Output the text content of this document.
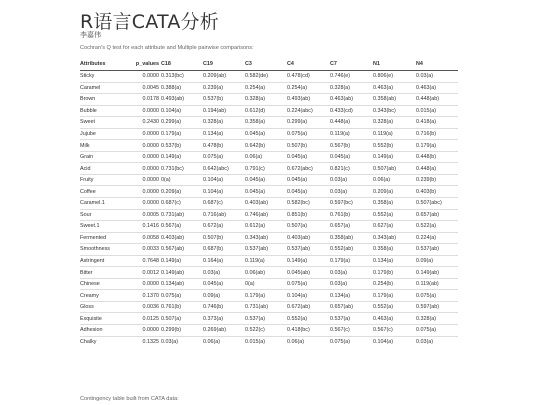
R语言CATA分析
李嘉伟
Cochran's Q test for each attribute and Multiple pairwise comparisons:
Attributes	p_values	C18	C19	C3	C4	C7	N1	N4
Sticky	0.0000	0.313(bc)	0.209(ab)	0.582(de)	0.478(cd)	0.746(e)	0.806(e)	0.03(a)
Caramel	0.0045	0.388(a)	0.239(a)	0.254(a)	0.254(a)	0.328(a)	0.463(a)	0.463(a)
Brown	0.0178	0.493(ab)	0.537(b)	0.328(a)	0.493(ab)	0.463(ab)	0.358(ab)	0.448(ab)
Bubble	0.0000	0.104(a)	0.194(ab)	0.612(d)	0.224(abc)	0.433(cd)	0.343(bc)	0.015(a)
Sweet	0.2430	0.299(a)	0.328(a)	0.358(a)	0.299(a)	0.448(a)	0.328(a)	0.418(a)
Jujube	0.0000	0.179(a)	0.134(a)	0.045(a)	0.075(a)	0.119(a)	0.119(a)	0.716(b)
Milk	0.0000	0.537(b)	0.478(b)	0.642(b)	0.507(b)	0.567(b)	0.552(b)	0.179(a)
Grain	0.0000	0.149(a)	0.075(a)	0.06(a)	0.045(a)	0.045(a)	0.149(a)	0.448(b)
Acid	0.0000	0.731(bc)	0.642(abc)	0.791(c)	0.672(abc)	0.821(c)	0.507(ab)	0.448(a)
Fruity	0.0000	0(a)	0.104(a)	0.045(a)	0.045(a)	0.03(a)	0.06(a)	0.239(b)
Coffee	0.0000	0.209(a)	0.104(a)	0.045(a)	0.045(a)	0.03(a)	0.209(a)	0.403(b)
Caramel.1	0.0000	0.687(c)	0.687(c)	0.403(ab)	0.582(bc)	0.597(bc)	0.358(a)	0.507(abc)
Sour	0.0005	0.731(ab)	0.716(ab)	0.746(ab)	0.851(b)	0.761(b)	0.552(a)	0.657(ab)
Sweet.1	0.1416	0.567(a)	0.672(a)	0.612(a)	0.507(a)	0.657(a)	0.627(a)	0.522(a)
Fermented	0.0058	0.403(ab)	0.507(b)	0.343(ab)	0.403(ab)	0.358(ab)	0.343(ab)	0.224(a)
Smoothness	0.0033	0.567(ab)	0.687(b)	0.537(ab)	0.537(ab)	0.552(ab)	0.358(a)	0.537(ab)
Astringent	0.7648	0.149(a)	0.164(a)	0.119(a)	0.149(a)	0.179(a)	0.134(a)	0.09(a)
Bitter	0.0012	0.149(ab)	0.03(a)	0.06(ab)	0.045(ab)	0.03(a)	0.179(b)	0.149(ab)
Chinese	0.0000	0.134(ab)	0.045(a)	0(a)	0.075(a)	0.03(a)	0.254(b)	0.119(ab)
Creamy	0.1370	0.075(a)	0.09(a)	0.179(a)	0.104(a)	0.134(a)	0.179(a)	0.075(a)
Gloss	0.0036	0.761(b)	0.746(b)	0.731(ab)	0.672(ab)	0.657(ab)	0.552(a)	0.597(ab)
Exquisite	0.0125	0.507(a)	0.373(a)	0.537(a)	0.552(a)	0.537(a)	0.463(a)	0.328(a)
Adhesion	0.0000	0.299(b)	0.269(ab)	0.522(c)	0.418(bc)	0.567(c)	0.567(c)	0.075(a)
Chalky	0.1325	0.03(a)	0.06(a)	0.015(a)	0.06(a)	0.075(a)	0.104(a)	0.03(a)
Contingency table built from CATA data:
